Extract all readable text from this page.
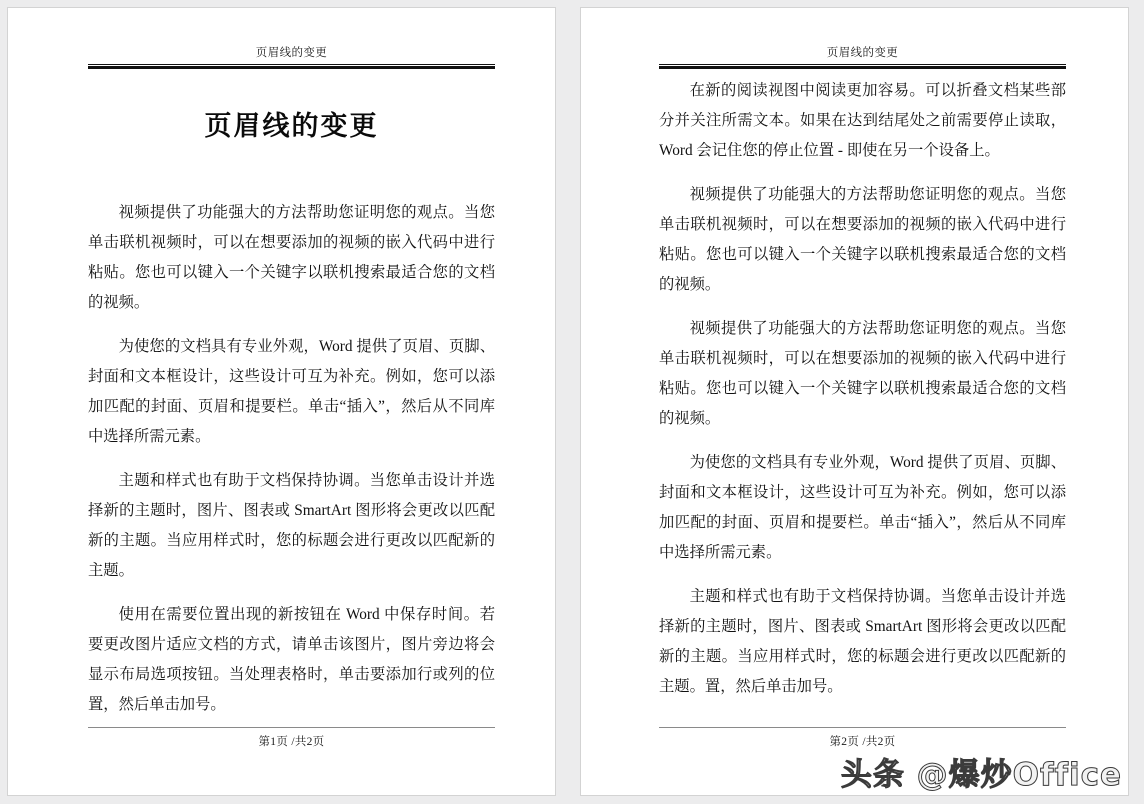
页眉线的变更
页眉线的变更

视频提供了功能强大的方法帮助您证明您的观点。当您单击联机视频时，可以在想要添加的视频的嵌入代码中进行粘贴。您也可以键入一个关键字以联机搜索最适合您的文档的视频。

为使您的文档具有专业外观，Word 提供了页眉、页脚、封面和文本框设计，这些设计可互为补充。例如，您可以添加匹配的封面、页眉和提要栏。单击“插入”，然后从不同库中选择所需元素。

主题和样式也有助于文档保持协调。当您单击设计并选择新的主题时，图片、图表或 SmartArt 图形将会更改以匹配新的主题。当应用样式时，您的标题会进行更改以匹配新的主题。

使用在需要位置出现的新按钮在 Word 中保存时间。若要更改图片适应文档的方式，请单击该图片，图片旁边将会显示布局选项按钮。当处理表格时，单击要添加行或列的位置，然后单击加号。

第1页 /共2页
页眉线的变更

在新的阅读视图中阅读更加容易。可以折叠文档某些部分并关注所需文本。如果在达到结尾处之前需要停止读取，Word 会记住您的停止位置 - 即使在另一个设备上。

视频提供了功能强大的方法帮助您证明您的观点。当您单击联机视频时，可以在想要添加的视频的嵌入代码中进行粘贴。您也可以键入一个关键字以联机搜索最适合您的文档的视频。

视频提供了功能强大的方法帮助您证明您的观点。当您单击联机视频时，可以在想要添加的视频的嵌入代码中进行粘贴。您也可以键入一个关键字以联机搜索最适合您的文档的视频。

为使您的文档具有专业外观，Word 提供了页眉、页脚、封面和文本框设计，这些设计可互为补充。例如，您可以添加匹配的封面、页眉和提要栏。单击“插入”，然后从不同库中选择所需元素。

主题和样式也有助于文档保持协调。当您单击设计并选择新的主题时，图片、图表或 SmartArt 图形将会更改以匹配新的主题。当应用样式时，您的标题会进行更改以匹配新的主题。置，然后单击加号。

第2页 /共2页
头条 @爆炒Office
